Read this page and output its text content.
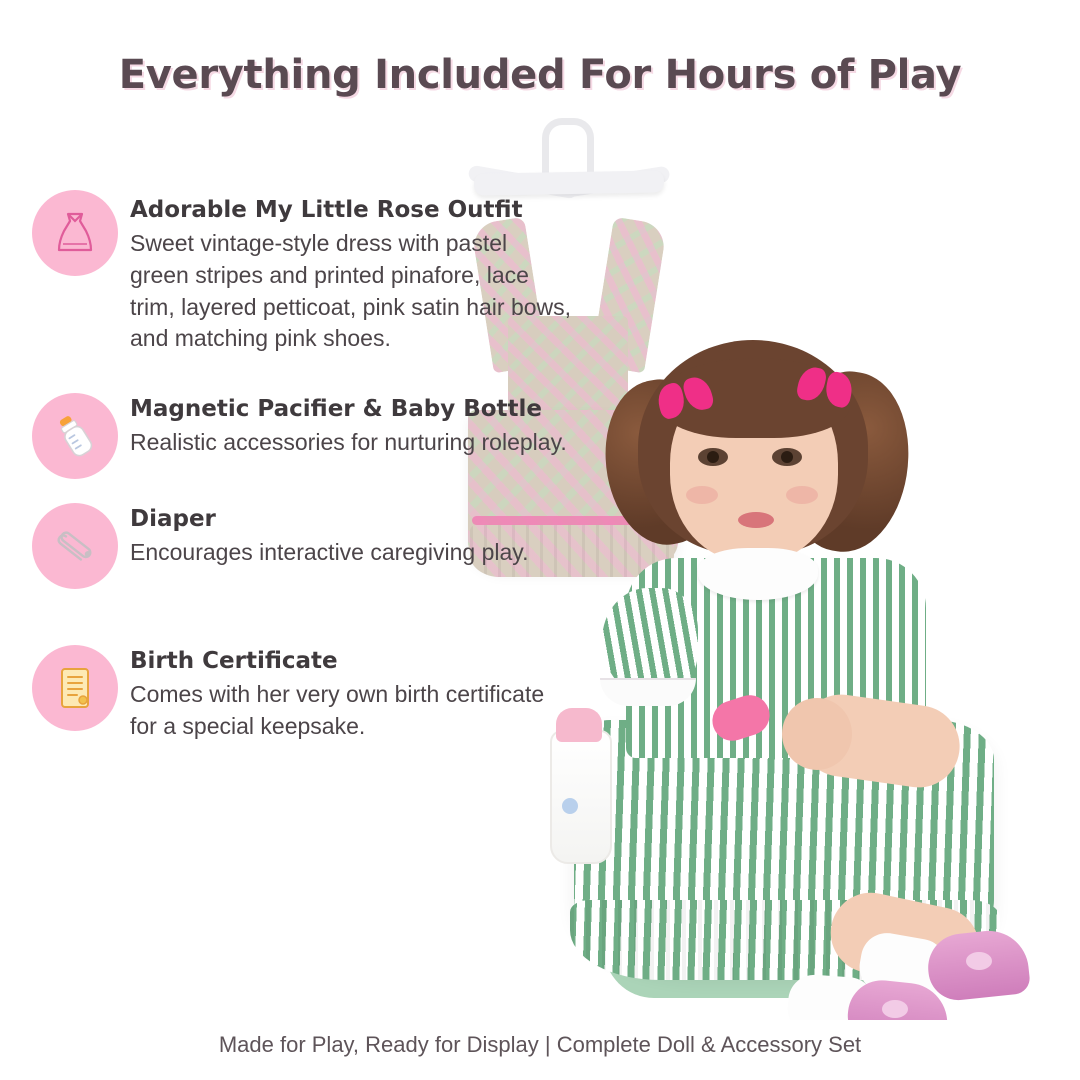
Everything Included For Hours of Play

Adorable My Little Rose Outfit

Sweet vintage-style dress with pastel green stripes and printed pinafore, lace trim, layered petticoat, pink satin hair bows, and matching pink shoes.

Magnetic Pacifier & Baby Bottle

Realistic accessories for nurturing roleplay.

Diaper

Encourages interactive caregiving play.

Birth Certificate

Comes with her very own birth certificate for a special keepsake.

Made for Play, Ready for Display | Complete Doll & Accessory Set
